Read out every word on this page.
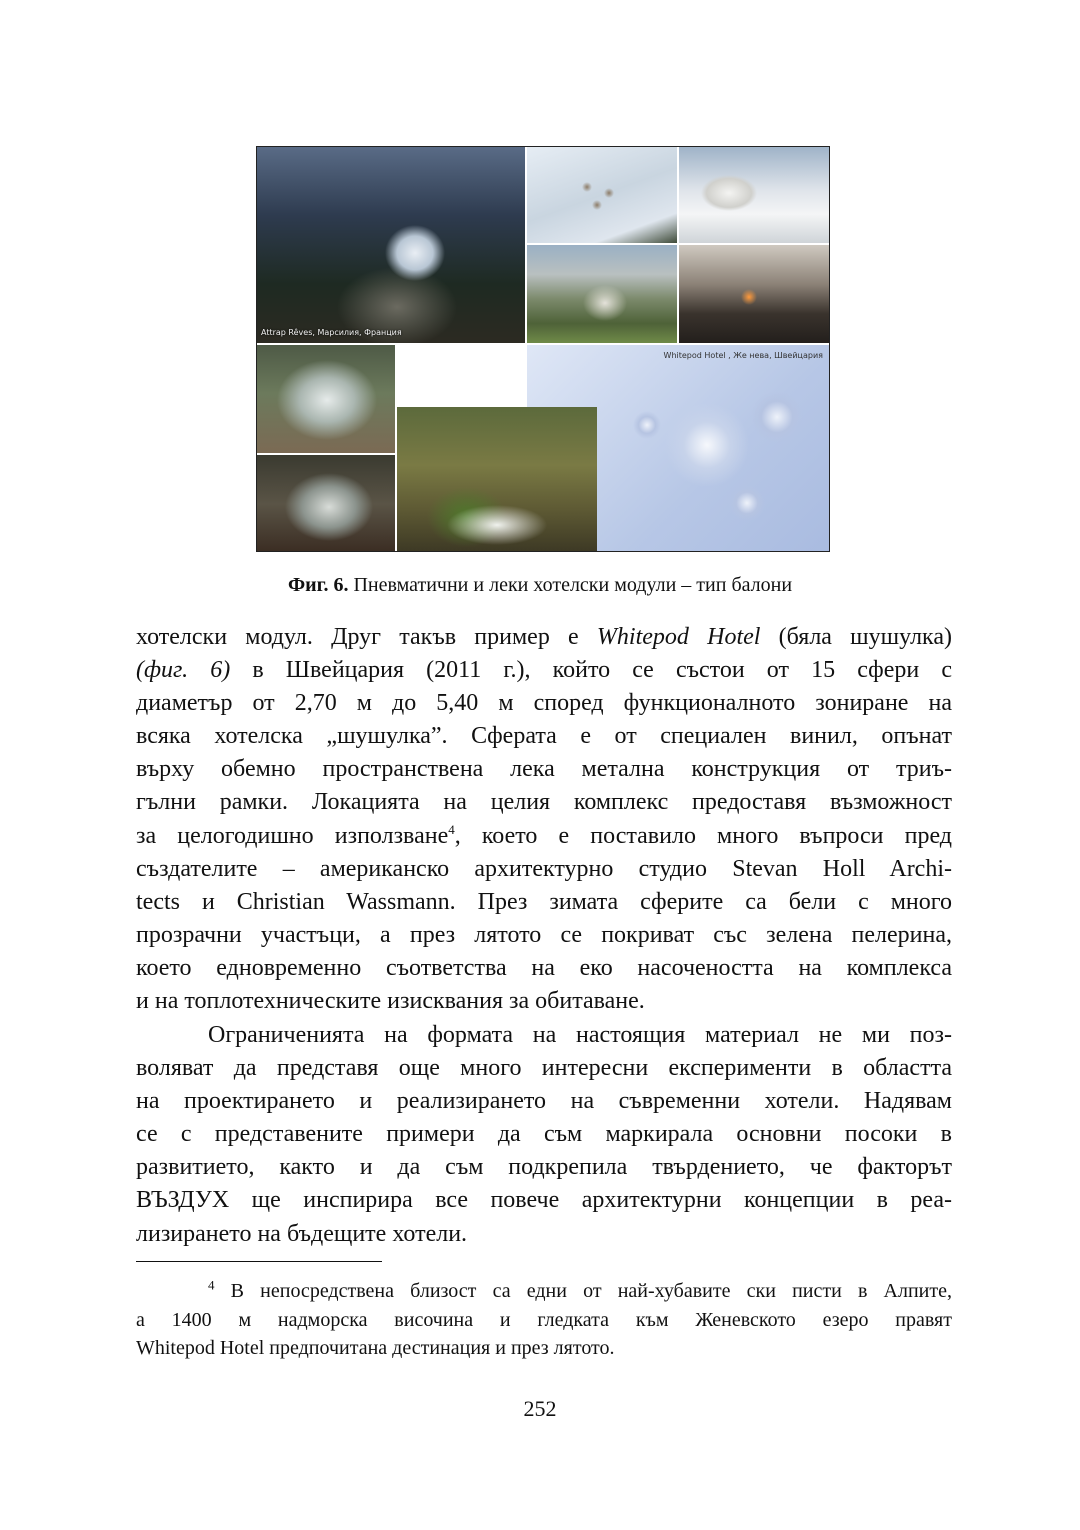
Attrap Rêves, Марсилия, Франция
Whitepod Hotel , Же нева, Швейцария
Фиг. 6. Пневматични и леки хотелски модули – тип балони
хотелски модул. Друг такъв пример е Whitepod Hotel (бяла шушулка)
(фиг. 6) в Швейцария (2011 г.), който се състои от 15 сфери с
диаметър от 2,70 м до 5,40 м според функционалното зониране на
всяка хотелска „шушулка”. Сферата е от специален винил, опънат
върху обемно пространствена лека метална конструкция от триъ-
гълни рамки. Локацията на целия комплекс предоставя възможност
за целогодишно използване$^4$, което е поставило много въпроси пред
създателите – американско архитектурно студио Stevan Holl Archi-
tects и Christian Wassmann. През зимата сферите са бели с много
прозрачни участъци, а през лятото се покриват със зелена пелерина,
което едновременно съответства на еко насочеността на комплекса
и на топлотехническите изисквания за обитаване.
Ограниченията на формата на настоящия материал не ми поз-
воляват да представя още много интересни експерименти в областта
на проектирането и реализирането на съвременни хотели. Надявам
се с представените примери да съм маркирала основни посоки в
развитието, както и да съм подкрепила твърдението, че факторът
ВЪЗДУХ ще инспирира все повече архитектурни концепции в реа-
лизирането на бъдещите хотели.
$^4$ В непосредствена близост са едни от най-хубавите ски писти в Алпите,
а 1400 м надморска височина и гледката към Женевското езеро правят
Whitepod Hotel предпочитана дестинация и през лятото.
252
